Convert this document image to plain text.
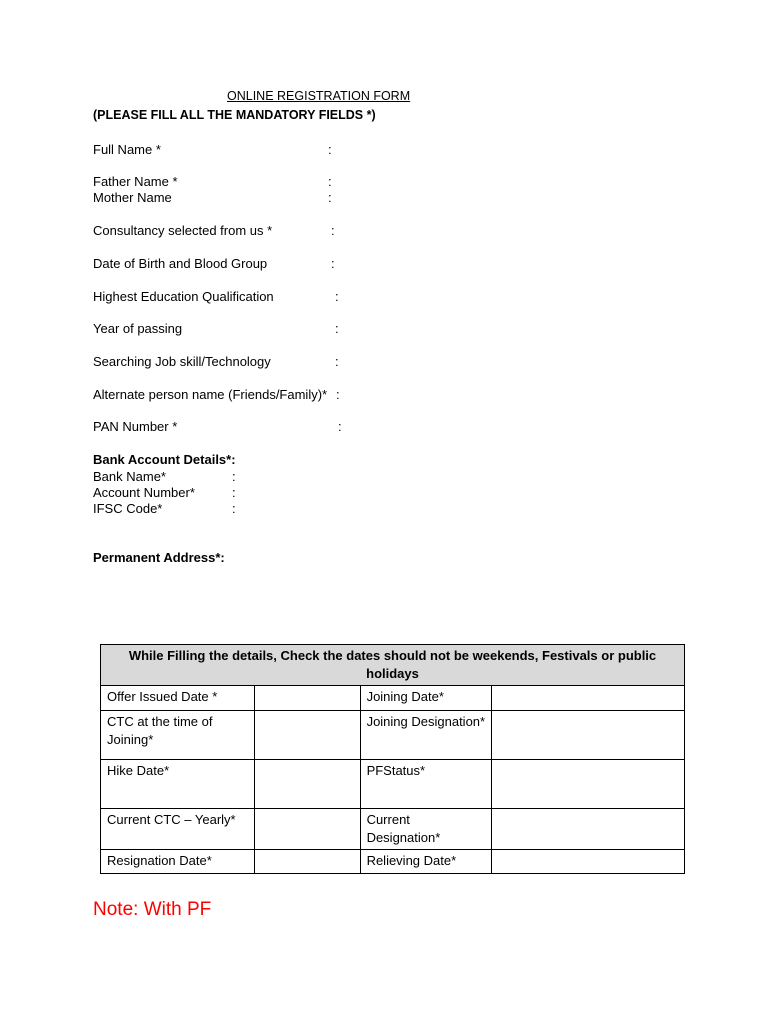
ONLINE REGISTRATION FORM
(PLEASE FILL ALL THE MANDATORY FIELDS *)
Full Name *	:
Father Name *	:
Mother Name	:
Consultancy selected from us *	:
Date of Birth and Blood Group	:
Highest Education Qualification	:
Year of passing	:
Searching Job skill/Technology	:
Alternate person name (Friends/Family)* :
PAN Number *	:
Bank Account Details*:
Bank Name*	:
Account Number*	:
IFSC Code*	:
Permanent Address*:
While Filling the details, Check the dates should not be weekends, Festivals or public holidays			
Offer Issued Date *		Joining Date*	
CTC at the time of Joining*		Joining Designation*	
Hike Date*		PFStatus*	
Current CTC – Yearly*		Current Designation*	
Resignation Date*		Relieving Date*	
Note: With PF
